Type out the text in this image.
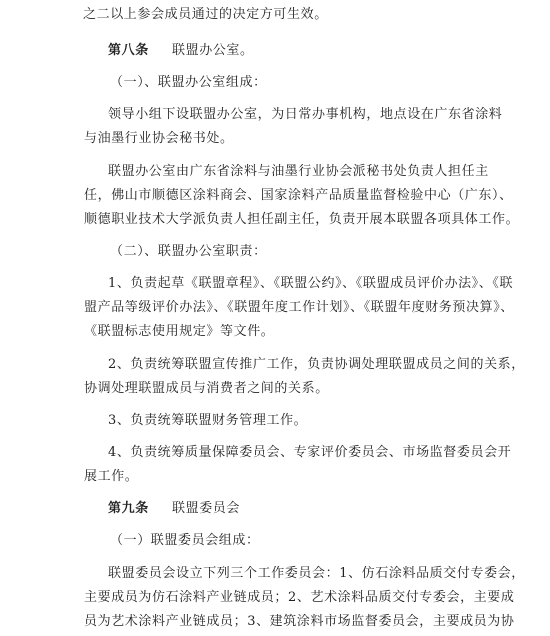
之二以上参会成员通过的决定方可生效。
第八条 联盟办公室。
（一）、联盟办公室组成：
领导小组下设联盟办公室，为日常办事机构，地点设在广东省涂料
与油墨行业协会秘书处。
联盟办公室由广东省涂料与油墨行业协会派秘书处负责人担任主
任，佛山市顺德区涂料商会、国家涂料产品质量监督检验中心（广东）、
顺德职业技术大学派负责人担任副主任，负责开展本联盟各项具体工作。
（二）、联盟办公室职责：
1、负责起草《联盟章程》、《联盟公约》、《联盟成员评价办法》、《联
盟产品等级评价办法》、《联盟年度工作计划》、《联盟年度财务预决算》、
《联盟标志使用规定》等文件。
2、负责统筹联盟宣传推广工作，负责协调处理联盟成员之间的关系，
协调处理联盟成员与消费者之间的关系。
3、负责统筹联盟财务管理工作。
4、负责统筹质量保障委员会、专家评价委员会、市场监督委员会开
展工作。
第九条 联盟委员会
（一）联盟委员会组成：
联盟委员会设立下列三个工作委员会：1、仿石涂料品质交付专委会，
主要成员为仿石涂料产业链成员；2、艺术涂料品质交付专委会，主要成
员为艺术涂料产业链成员；3、建筑涂料市场监督委员会，主要成员为协
